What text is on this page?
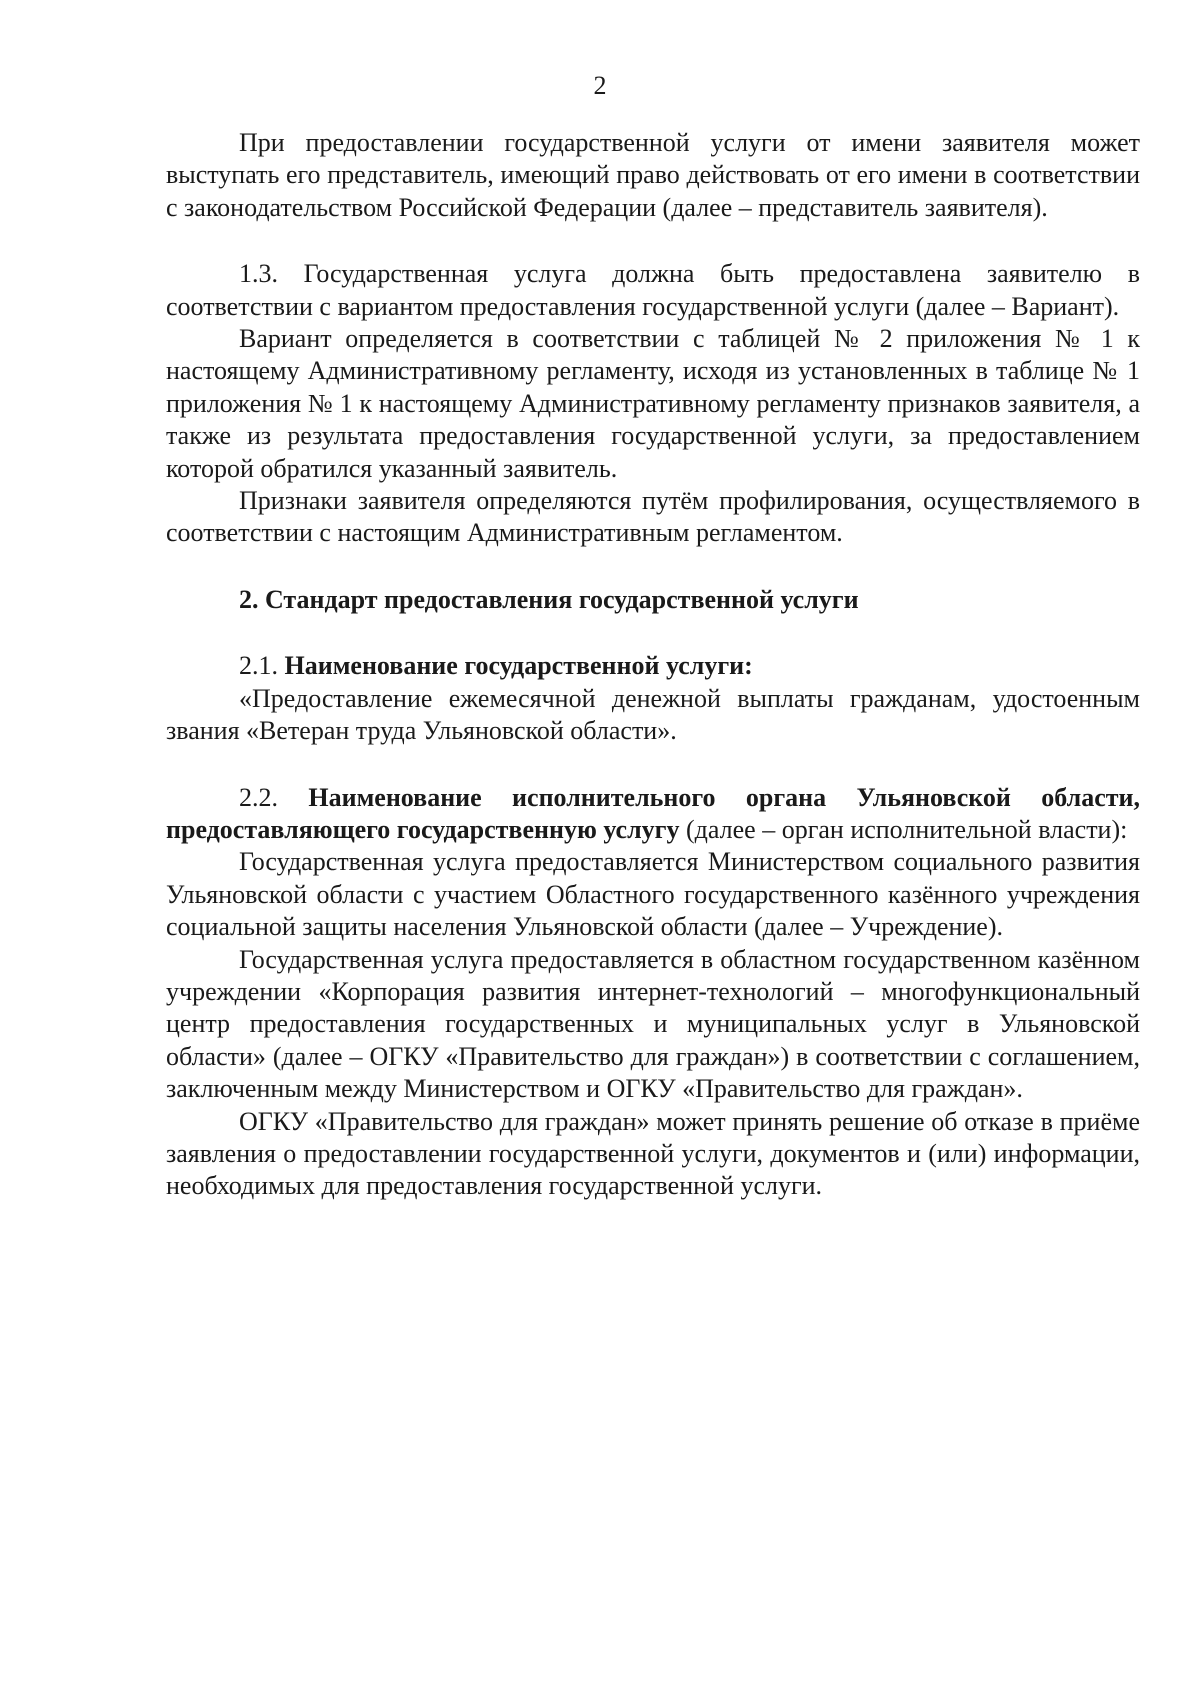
2

При предоставлении государственной услуги от имени заявителя может выступать его представитель, имеющий право действовать от его имени в соответствии с законодательством Российской Федерации (далее – представитель заявителя).

1.3. Государственная услуга должна быть предоставлена заявителю в соответствии с вариантом предоставления государственной услуги (далее – Вариант).

Вариант определяется в соответствии с таблицей № 2 приложения № 1 к настоящему Административному регламенту, исходя из установленных в таблице № 1 приложения № 1 к настоящему Административному регламенту признаков заявителя, а также из результата предоставления государственной услуги, за предоставлением которой обратился указанный заявитель.

Признаки заявителя определяются путём профилирования, осуществляемого в соответствии с настоящим Административным регламентом.

2. Стандарт предоставления государственной услуги

2.1. Наименование государственной услуги:

«Предоставление ежемесячной денежной выплаты гражданам, удостоенным звания «Ветеран труда Ульяновской области».

2.2. Наименование исполнительного органа Ульяновской области, предоставляющего государственную услугу (далее – орган исполнительной власти):

Государственная услуга предоставляется Министерством социального развития Ульяновской области с участием Областного государственного казённого учреждения социальной защиты населения Ульяновской области (далее – Учреждение).

Государственная услуга предоставляется в областном государственном казённом учреждении «Корпорация развития интернет-технологий – многофункциональный центр предоставления государственных и муниципальных услуг в Ульяновской области» (далее – ОГКУ «Правительство для граждан») в соответствии с соглашением, заключенным между Министерством и ОГКУ «Правительство для граждан».

ОГКУ «Правительство для граждан» может принять решение об отказе в приёме заявления о предоставлении государственной услуги, документов и (или) информации, необходимых для предоставления государственной услуги.
